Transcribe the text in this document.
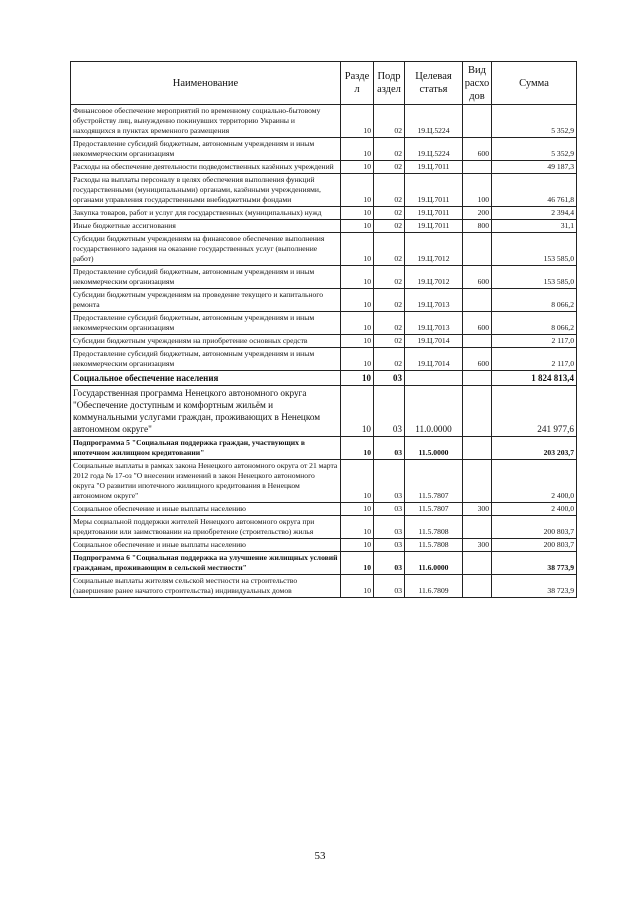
Наименование	Разде л	Подр аздел	Целевая статья	Вид расхо дов	Сумма
Финансовое обеспечение мероприятий по временному социально-бытовому обустройству лиц, вынужденно покинувших территорию Украины и находящихся в пунктах временного размещения	10	02	19.Ц.5224		5 352,9
Предоставление субсидий бюджетным, автономным учреждениям и иным некоммерческим организациям	10	02	19.Ц.5224	600	5 352,9
Расходы на обеспечение деятельности подведомственных казённых учреждений	10	02	19.Ц.7011		49 187,3
Расходы на выплаты персоналу в целях обеспечения выполнения функций государственными (муниципальными) органами, казёнными учреждениями, органами управления государственными внебюджетными фондами	10	02	19.Ц.7011	100	46 761,8
Закупка товаров, работ и услуг для государственных (муниципальных) нужд	10	02	19.Ц.7011	200	2 394,4
Иные бюджетные ассигнования	10	02	19.Ц.7011	800	31,1
Субсидии бюджетным учреждениям на финансовое обеспечение выполнения государственного задания на оказание государственных услуг (выполнение работ)	10	02	19.Ц.7012		153 585,0
Предоставление субсидий бюджетным, автономным учреждениям и иным некоммерческим организациям	10	02	19.Ц.7012	600	153 585,0
Субсидии бюджетным учреждениям на проведение текущего и капитального ремонта	10	02	19.Ц.7013		8 066,2
Предоставление субсидий бюджетным, автономным учреждениям и иным некоммерческим организациям	10	02	19.Ц.7013	600	8 066,2
Субсидии бюджетным учреждениям на приобретение основных средств	10	02	19.Ц.7014		2 117,0
Предоставление субсидий бюджетным, автономным учреждениям и иным некоммерческим организациям	10	02	19.Ц.7014	600	2 117,0
Социальное обеспечение населения	10	03			1 824 813,4
Государственная программа Ненецкого автономного округа "Обеспечение доступным и комфортным жильём и коммунальными услугами граждан, проживающих в Ненецком автономном округе"	10	03	11.0.0000		241 977,6
Подпрограмма 5 "Социальная поддержка граждан, участвующих в ипотечном жилищном кредитовании"	10	03	11.5.0000		203 203,7
Социальные выплаты в рамках закона Ненецкого автономного округа от 21 марта 2012 года № 17-оз "О внесении изменений в закон Ненецкого автономного округа "О развитии ипотечного жилищного кредитования в Ненецком автономном округе"	10	03	11.5.7807		2 400,0
Социальное обеспечение и иные выплаты населению	10	03	11.5.7807	300	2 400,0
Меры социальной поддержки жителей Ненецкого автономного округа при кредитовании или заимствовании на приобретение (строительство) жилья	10	03	11.5.7808		200 803,7
Социальное обеспечение и иные выплаты населению	10	03	11.5.7808	300	200 803,7
Подпрограмма 6 "Социальная поддержка на улучшение жилищных условий гражданам, проживающим в сельской местности"	10	03	11.6.0000		38 773,9
Социальные выплаты жителям сельской местности на строительство (завершение ранее начатого строительства) индивидуальных домов	10	03	11.6.7809		38 723,9
53
